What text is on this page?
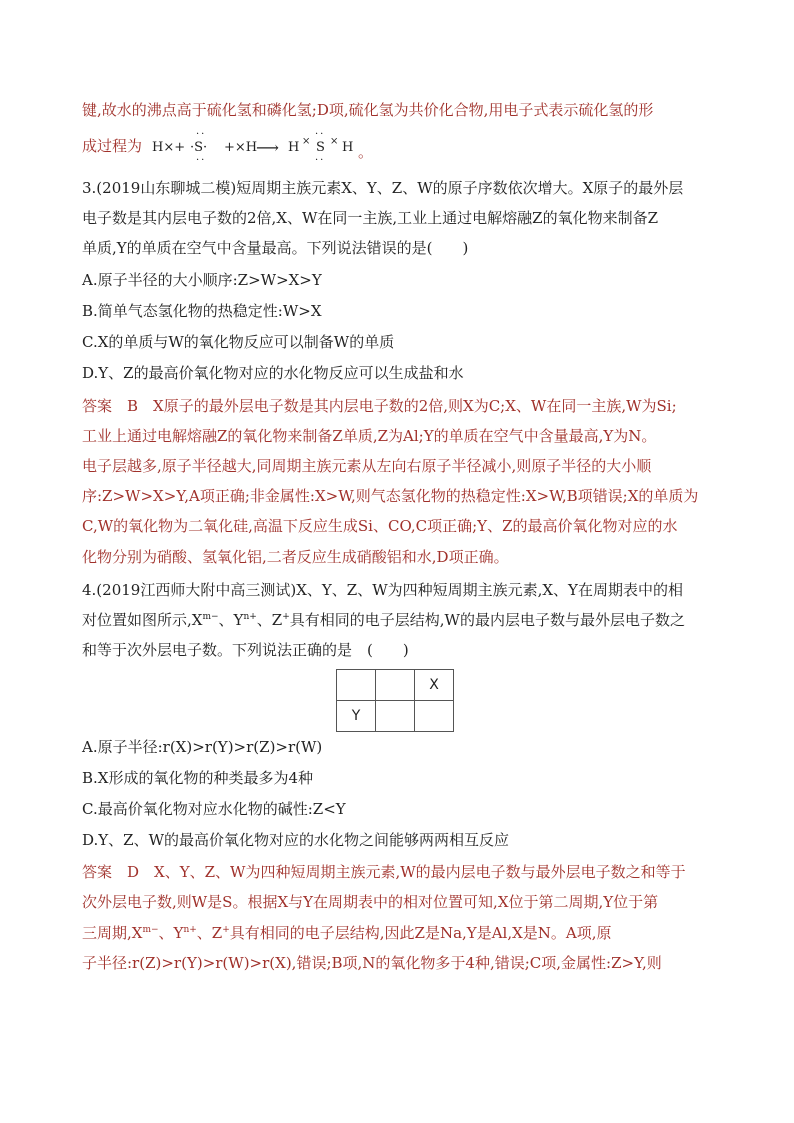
键,故水的沸点高于硫化氢和磷化氢;D项,硫化氢为共价化合物,用电子式表示硫化氢的形
成过程为 H×+
··
·S·
··
+×H
⟶ H ×
··
S
··
× H 。
3.(2019山东聊城二模)短周期主族元素X、Y、Z、W的原子序数依次增大。X原子的最外层
电子数是其内层电子数的2倍,X、W在同一主族,工业上通过电解熔融Z的氧化物来制备Z
单质,Y的单质在空气中含量最高。下列说法错误的是(　　)
A.原子半径的大小顺序:Z>W>X>Y
B.简单气态氢化物的热稳定性:W>X
C.X的单质与W的氧化物反应可以制备W的单质
D.Y、Z的最高价氧化物对应的水化物反应可以生成盐和水
答案　B　X原子的最外层电子数是其内层电子数的2倍,则X为C;X、W在同一主族,W为Si;
工业上通过电解熔融Z的氧化物来制备Z单质,Z为Al;Y的单质在空气中含量最高,Y为N。
电子层越多,原子半径越大,同周期主族元素从左向右原子半径减小,则原子半径的大小顺
序:Z>W>X>Y,A项正确;非金属性:X>W,则气态氢化物的热稳定性:X>W,B项错误;X的单质为
C,W的氧化物为二氧化硅,高温下反应生成Si、CO,C项正确;Y、Z的最高价氧化物对应的水
化物分别为硝酸、氢氧化铝,二者反应生成硝酸铝和水,D项正确。
4.(2019江西师大附中高三测试)X、Y、Z、W为四种短周期主族元素,X、Y在周期表中的相
对位置如图所示$,X^{m-}$、$Y^{n+}$、Z+具有相同的电子层结构,W的最内层电子数与最外层电子数之
和等于次外层电子数。下列说法正确的是　(　　)
		X
Y		
A.原子半径:r(X)>r(Y)>r(Z)>r(W)
B.X形成的氧化物的种类最多为4种
C.最高价氧化物对应水化物的碱性:Z<Y
D.Y、Z、W的最高价氧化物对应的水化物之间能够两两相互反应
答案　D　X、Y、Z、W为四种短周期主族元素,W的最内层电子数与最外层电子数之和等于
次外层电子数,则W是S。根据X与Y在周期表中的相对位置可知,X位于第二周期,Y位于第
三周期$,X^{m-}$、$Y^{n+}$、Z+具有相同的电子层结构,因此Z是Na,Y是Al,X是N。A项,原
子半径:r(Z)>r(Y)>r(W)>r(X),错误;B项,N的氧化物多于4种,错误;C项,金属性:Z>Y,则
